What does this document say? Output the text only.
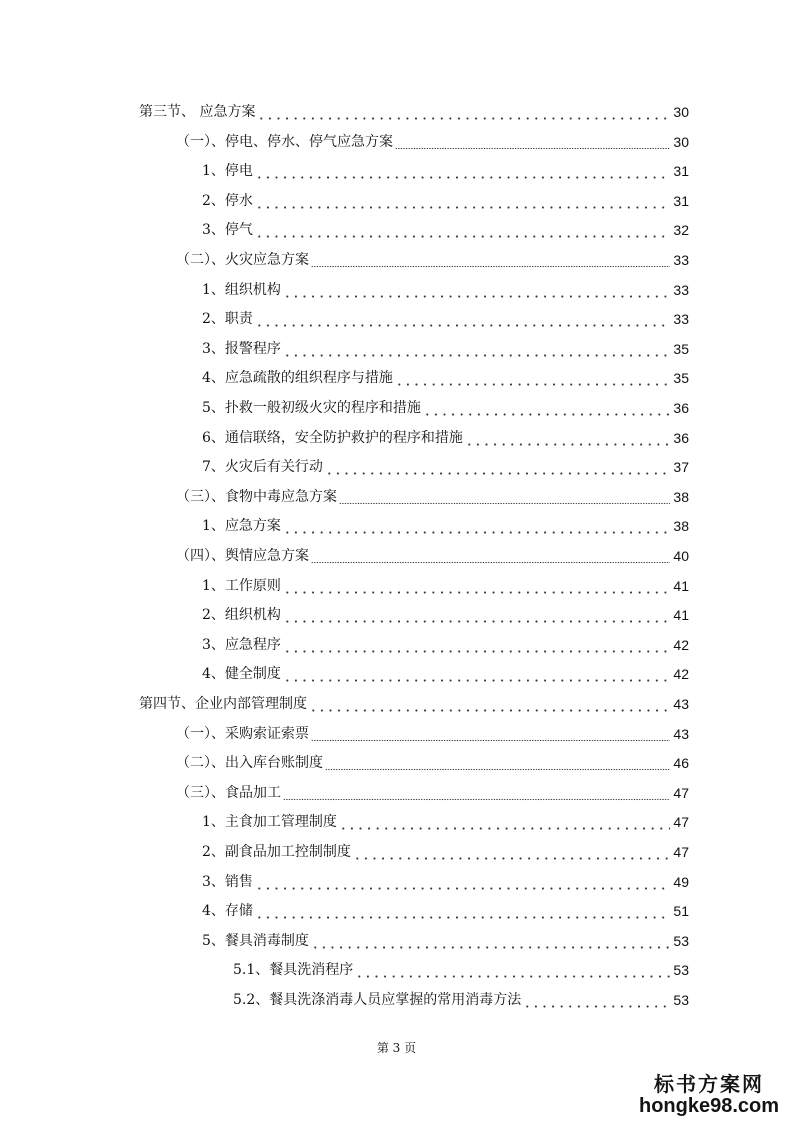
第三节、 应急方案	30
（一）、停电、停水、停气应急方案	30
1、停电	31
2、停水	31
3、停气	32
（二）、火灾应急方案	33
1、组织机构	33
2、职责	33
3、报警程序	35
4、应急疏散的组织程序与措施	35
5、扑救一般初级火灾的程序和措施	36
6、通信联络，安全防护救护的程序和措施	36
7、火灾后有关行动	37
（三）、食物中毒应急方案	38
1、应急方案	38
（四）、舆情应急方案	40
1、工作原则	41
2、组织机构	41
3、应急程序	42
4、健全制度	42
第四节、企业内部管理制度	43
（一）、采购索证索票	43
（二）、出入库台账制度	46
（三）、食品加工	47
1、主食加工管理制度	47
2、副食品加工控制制度	47
3、销售	49
4、存储	51
5、餐具消毒制度	53
5.1、餐具洗消程序	53
5.2、餐具洗涤消毒人员应掌握的常用消毒方法	53
第 3 页
标书方案网
hongke98.com
